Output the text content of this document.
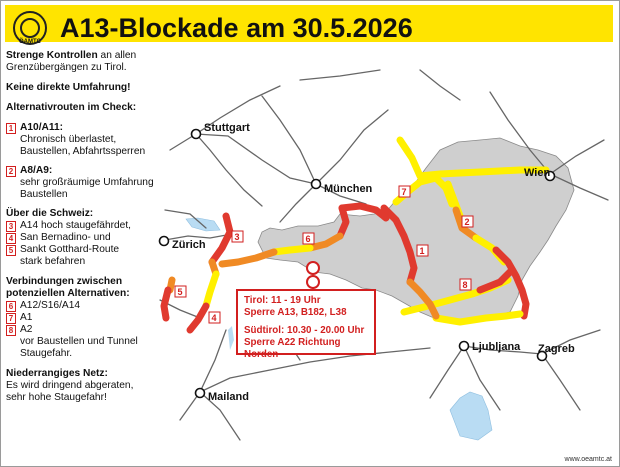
ÖAMTC A13-Blockade am 30.5.2026

Strenge Kontrollen an allen Grenzübergängen zu Tirol.

Keine direkte Umfahrung!

Alternativrouten im Check:

1 A10/A11:
Chronisch überlastet, Baustellen, Abfahrtssperren
2 A8/A9:
sehr großräumige Umfahrung Baustellen
Über die Schweiz:
3 A14 hoch staugefährdet,
4 San Bernadino- und
5 Sankt Gotthard-Route
stark befahren
Verbindungen zwischen potenziellen Alternativen:
6 A12/S16/A14
7 A1
8 A2
vor Baustellen und Tunnel Staugefahr.
Niederrangiges Netz:
Es wird dringend abgeraten, sehr hohe Staugefahr!
7
2
1
8
6
3
5
4
Stuttgart
München
Wien
Zürich
Ljubljana Zagreb
Mailand
Tirol: 11 - 19 Uhr
Sperre A13, B182, L38
Südtirol: 10.30 - 20.00 Uhr
Sperre A22 Richtung Norden
www.oeamtc.at
